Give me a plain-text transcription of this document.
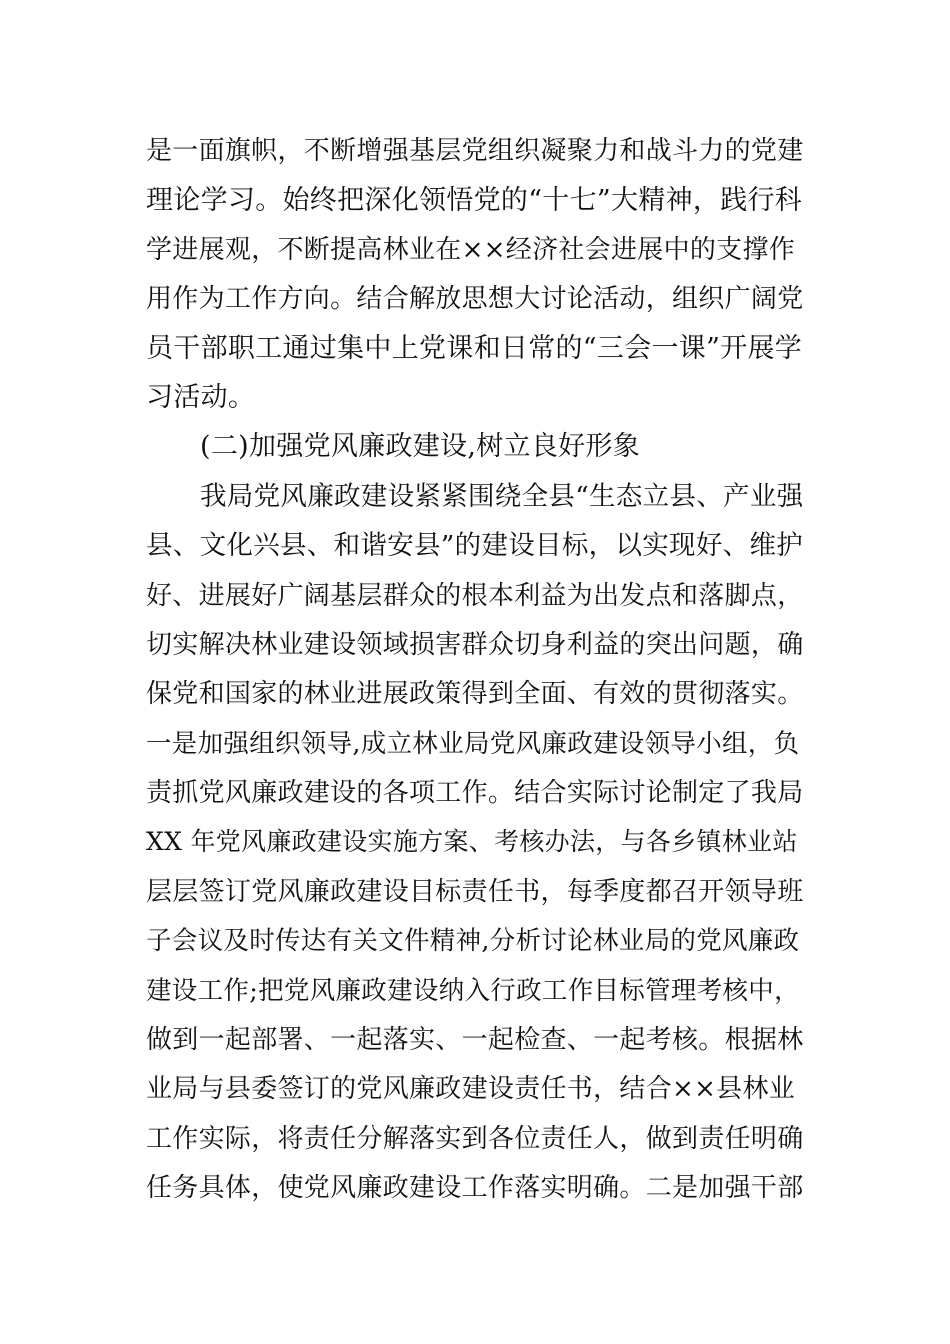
是一面旗帜，不断增强基层党组织凝聚力和战斗力的党建
理论学习。始终把深化领悟党的“十七”大精神，践行科
学进展观，不断提高林业在××经济社会进展中的支撑作
用作为工作方向。结合解放思想大讨论活动，组织广阔党
员干部职工通过集中上党课和日常的“三会一课”开展学
习活动。
(二)加强党风廉政建设,树立良好形象
我局党风廉政建设紧紧围绕全县“生态立县、产业强
县、文化兴县、和谐安县”的建设目标，以实现好、维护
好、进展好广阔基层群众的根本利益为出发点和落脚点，
切实解决林业建设领域损害群众切身利益的突出问题，确
保党和国家的林业进展政策得到全面、有效的贯彻落实。
一是加强组织领导,成立林业局党风廉政建设领导小组，负
责抓党风廉政建设的各项工作。结合实际讨论制定了我局
XX 年党风廉政建设实施方案、考核办法，与各乡镇林业站
层层签订党风廉政建设目标责任书，每季度都召开领导班
子会议及时传达有关文件精神,分析讨论林业局的党风廉政
建设工作;把党风廉政建设纳入行政工作目标管理考核中，
做到一起部署、一起落实、一起检查、一起考核。根据林
业局与县委签订的党风廉政建设责任书，结合××县林业
工作实际，将责任分解落实到各位责任人，做到责任明确
任务具体，使党风廉政建设工作落实明确。二是加强干部
